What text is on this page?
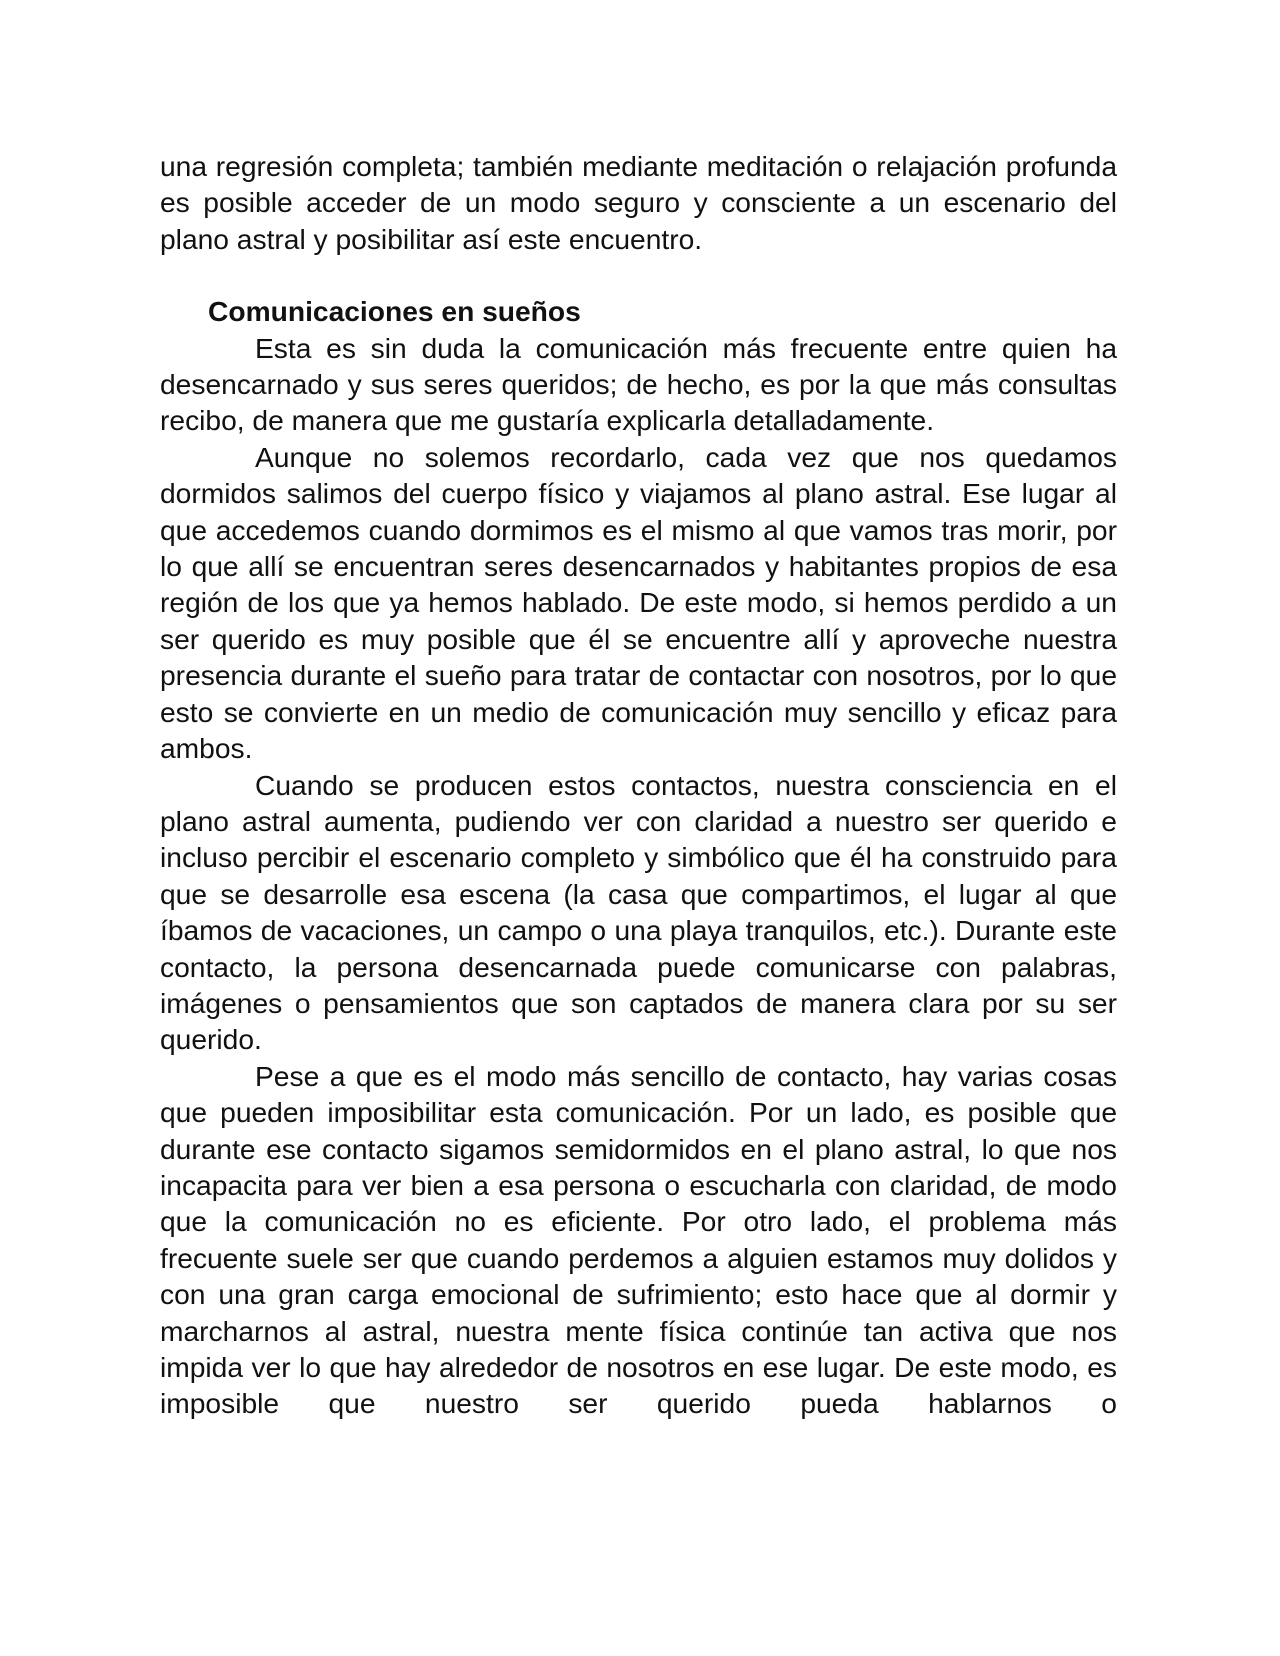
una regresión completa; también mediante meditación o relajación profunda es posible acceder de un modo seguro y consciente a un escenario del plano astral y posibilitar así este encuentro.

Comunicaciones en sueños

Esta es sin duda la comunicación más frecuente entre quien ha desencarnado y sus seres queridos; de hecho, es por la que más consultas recibo, de manera que me gustaría explicarla detalladamente.

Aunque no solemos recordarlo, cada vez que nos quedamos dormidos salimos del cuerpo físico y viajamos al plano astral. Ese lugar al que accedemos cuando dormimos es el mismo al que vamos tras morir, por lo que allí se encuentran seres desencarnados y habitantes propios de esa región de los que ya hemos hablado. De este modo, si hemos perdido a un ser querido es muy posible que él se encuentre allí y aproveche nuestra presencia durante el sueño para tratar de contactar con nosotros, por lo que esto se convierte en un medio de comunicación muy sencillo y eficaz para ambos.

Cuando se producen estos contactos, nuestra consciencia en el plano astral aumenta, pudiendo ver con claridad a nuestro ser querido e incluso percibir el escenario completo y simbólico que él ha construido para que se desarrolle esa escena (la casa que compartimos, el lugar al que íbamos de vacaciones, un campo o una playa tranquilos, etc.). Durante este contacto, la persona desencarnada puede comunicarse con palabras, imágenes o pensamientos que son captados de manera clara por su ser querido.

Pese a que es el modo más sencillo de contacto, hay varias cosas que pueden imposibilitar esta comunicación. Por un lado, es posible que durante ese contacto sigamos semidormidos en el plano astral, lo que nos incapacita para ver bien a esa persona o escucharla con claridad, de modo que la comunicación no es eficiente. Por otro lado, el problema más frecuente suele ser que cuando perdemos a alguien estamos muy dolidos y con una gran carga emocional de sufrimiento; esto hace que al dormir y marcharnos al astral, nuestra mente física continúe tan activa que nos impida ver lo que hay alrededor de nosotros en ese lugar. De este modo, es imposible que nuestro ser querido pueda hablarnos o
